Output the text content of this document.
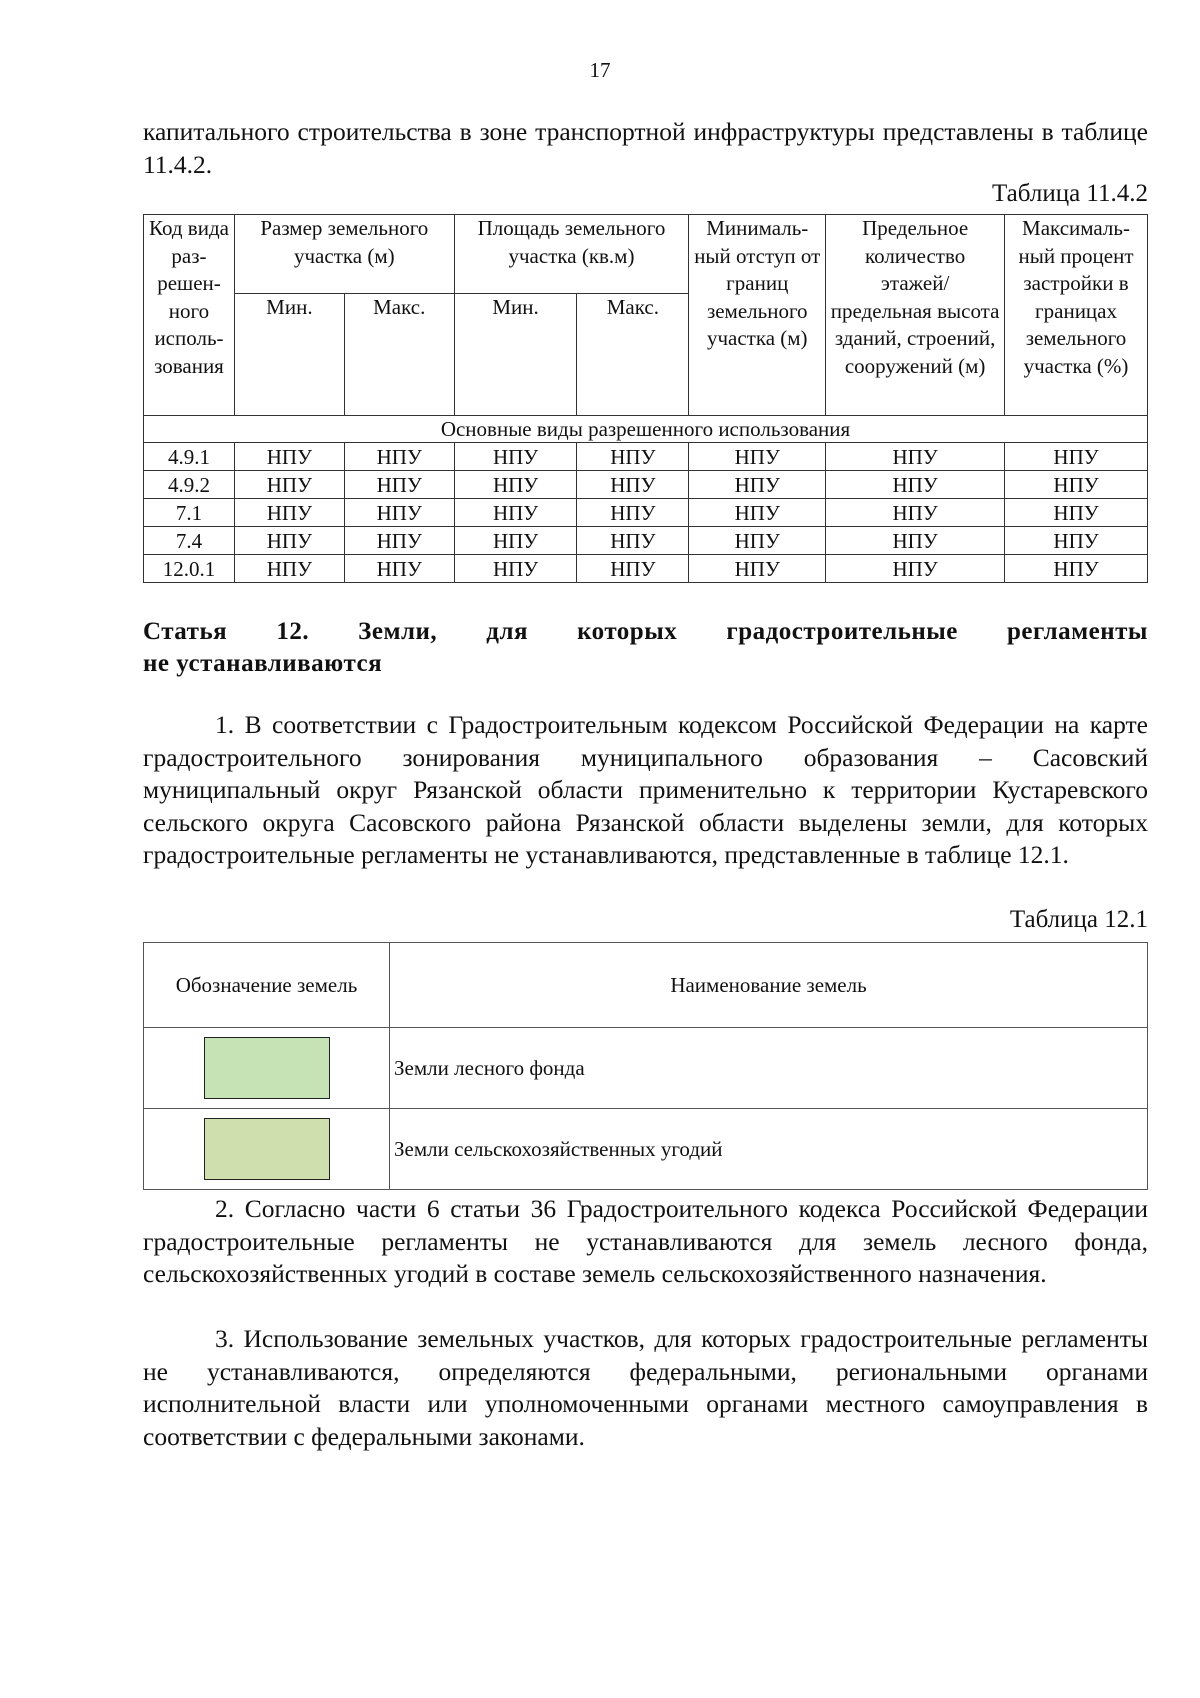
17

капитального строительства в зоне транспортной инфраструктуры представлены в таблице 11.4.2.

Таблица 11.4.2
Код вида раз-решен-ного исполь-зования	Размер земельного участка (м)		Площадь земельного участка (кв.м)		Минималь-ный отступ от границ земельного участка (м)	Предельное количество этажей/ предельная высота зданий, строений, сооружений (м)	Максималь-ный процент застройки в границах земельного участка (%)
	Мин.	Макс.	Мин.	Макс.			
Основные виды разрешенного использования							
4.9.1	НПУ	НПУ	НПУ	НПУ	НПУ	НПУ	НПУ
4.9.2	НПУ	НПУ	НПУ	НПУ	НПУ	НПУ	НПУ
7.1	НПУ	НПУ	НПУ	НПУ	НПУ	НПУ	НПУ
7.4	НПУ	НПУ	НПУ	НПУ	НПУ	НПУ	НПУ
12.0.1	НПУ	НПУ	НПУ	НПУ	НПУ	НПУ	НПУ
Статья 12. Земли, для которых градостроительные регламенты
не устанавливаются

1. В соответствии с Градостроительным кодексом Российской Федерации на карте градостроительного зонирования муниципального образования – Сасовский муниципальный округ Рязанской области применительно к территории Кустаревского сельского округа Сасовского района Рязанской области выделены земли, для которых градостроительные регламенты не устанавливаются, представленные в таблице 12.1.

Таблица 12.1
Обозначение земель	Наименование земель
	Земли лесного фонда
	Земли сельскохозяйственных угодий

2. Согласно части 6 статьи 36 Градостроительного кодекса Российской Федерации градостроительные регламенты не устанавливаются для земель лесного фонда, сельскохозяйственных угодий в составе земель сельскохозяйственного назначения.

3. Использование земельных участков, для которых градостроительные регламенты не устанавливаются, определяются федеральными, региональными органами исполнительной власти или уполномоченными органами местного самоуправления в соответствии с федеральными законами.
